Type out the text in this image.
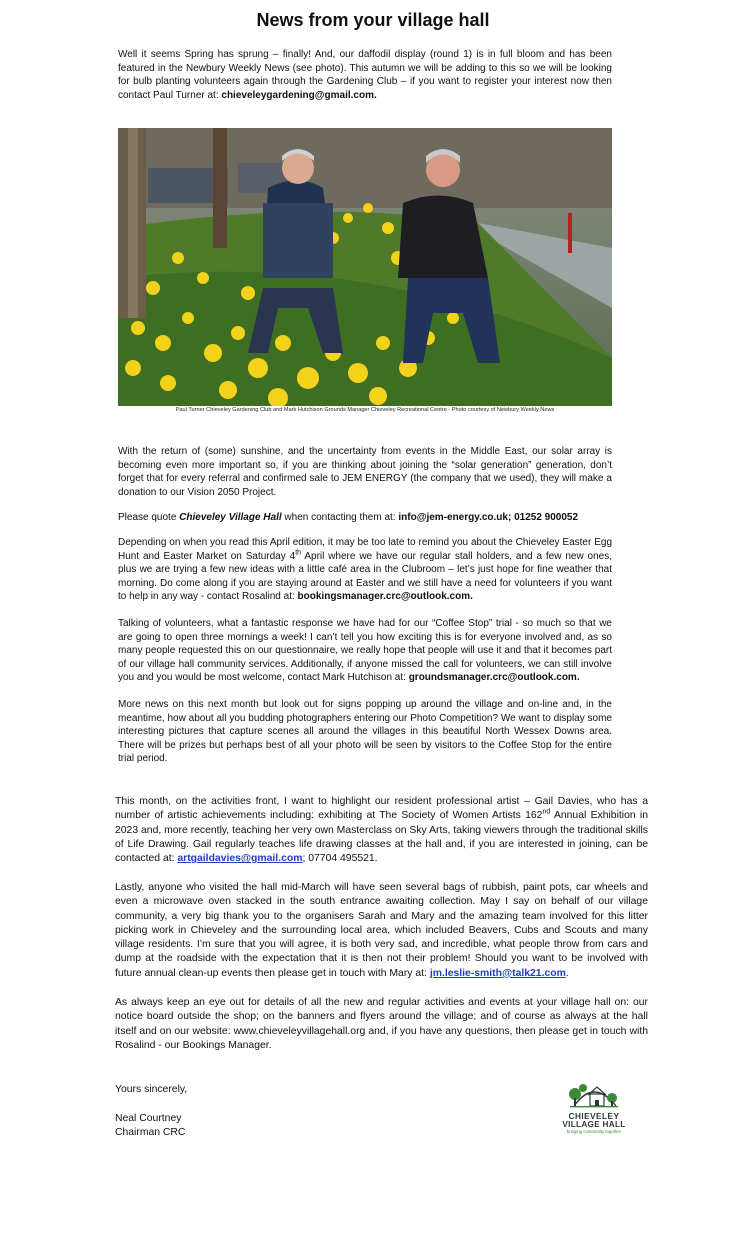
News from your village hall

Well it seems Spring has sprung – finally! And, our daffodil display (round 1) is in full bloom and has been featured in the Newbury Weekly News (see photo). This autumn we will be adding to this so we will be looking for bulb planting volunteers again through the Gardening Club – if you want to register your interest now then contact Paul Turner at: chieveleygardening@gmail.com.

Paul Turner Chieveley Gardening Club and Mark Hutchison Grounds Manager Chieveley Recreational Centre - Photo courtesy of Newbury Weekly News

With the return of (some) sunshine, and the uncertainty from events in the Middle East, our solar array is becoming even more important so, if you are thinking about joining the “solar generation” generation, don’t forget that for every referral and confirmed sale to JEM ENERGY (the company that we used), they will make a donation to our Vision 2050 Project.

Please quote Chieveley Village Hall when contacting them at: info@jem-energy.co.uk; 01252 900052

Depending on when you read this April edition, it may be too late to remind you about the Chieveley Easter Egg Hunt and Easter Market on Saturday 4th April where we have our regular stall holders, and a few new ones, plus we are trying a few new ideas with a little café area in the Clubroom – let’s just hope for fine weather that morning. Do come along if you are staying around at Easter and we still have a need for volunteers if you want to help in any way - contact Rosalind at: bookingsmanager.crc@outlook.com.

Talking of volunteers, what a fantastic response we have had for our “Coffee Stop” trial - so much so that we are going to open three mornings a week! I can’t tell you how exciting this is for everyone involved and, as so many people requested this on our questionnaire, we really hope that people will use it and that it becomes part of our village hall community services. Additionally, if anyone missed the call for volunteers, we can still involve you and you would be most welcome, contact Mark Hutchison at: groundsmanager.crc@outlook.com.

More news on this next month but look out for signs popping up around the village and on-line and, in the meantime, how about all you budding photographers entering our Photo Competition? We want to display some interesting pictures that capture scenes all around the villages in this beautiful North Wessex Downs area. There will be prizes but perhaps best of all your photo will be seen by visitors to the Coffee Stop for the entire trial period.

This month, on the activities front, I want to highlight our resident professional artist – Gail Davies, who has a number of artistic achievements including: exhibiting at The Society of Women Artists 162nd Annual Exhibition in 2023 and, more recently, teaching her very own Masterclass on Sky Arts, taking viewers through the traditional skills of Life Drawing. Gail regularly teaches life drawing classes at the hall and, if you are interested in joining, can be contacted at: artgaildavies@gmail.com; 07704 495521.

Lastly, anyone who visited the hall mid-March will have seen several bags of rubbish, paint pots, car wheels and even a microwave oven stacked in the south entrance awaiting collection. May I say on behalf of our village community, a very big thank you to the organisers Sarah and Mary and the amazing team involved for this litter picking work in Chieveley and the surrounding local area, which included Beavers, Cubs and Scouts and many village residents. I’m sure that you will agree, it is both very sad, and incredible, what people throw from cars and dump at the roadside with the expectation that it is then not their problem! Should you want to be involved with future annual clean-up events then please get in touch with Mary at: jm.leslie-smith@talk21.com.

As always keep an eye out for details of all the new and regular activities and events at your village hall on: our notice board outside the shop; on the banners and flyers around the village; and of course as always at the hall itself and on our website: www.chieveleyvillagehall.org and, if you have any questions, then please get in touch with Rosalind - our Bookings Manager.

Yours sincerely,
Neal Courtney
Chairman CRC
CHIEVELEY
VILLAGE HALL
bringing community together
